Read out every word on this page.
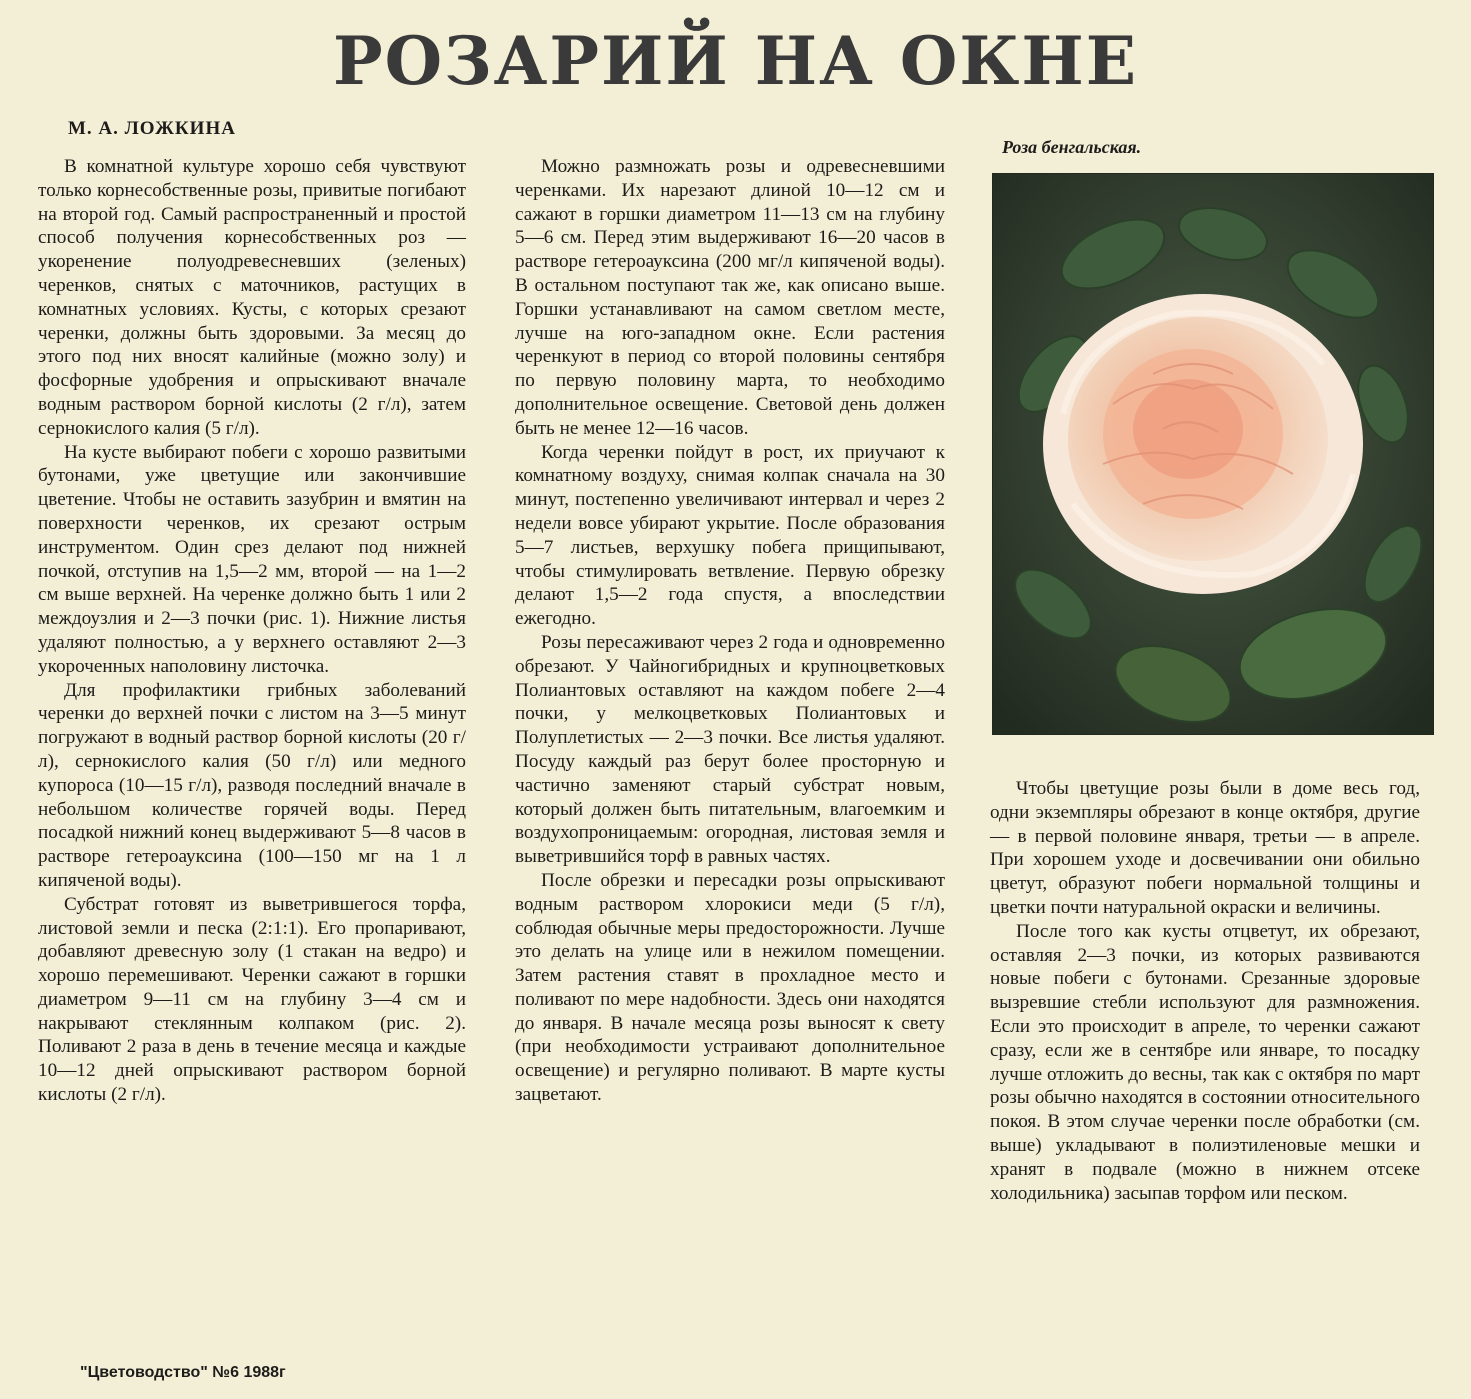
РОЗАРИЙ НА ОКНЕ
М. А. ЛОЖКИНА

В комнатной культуре хорошо себя чувствуют только корнесобственные розы, привитые погибают на второй год. Самый распространенный и простой способ получения корнесобственных роз — укоренение полуодревесневших (зеленых) черенков, снятых с маточников, растущих в комнатных условиях. Кусты, с которых срезают черенки, должны быть здоровыми. За месяц до этого под них вносят калийные (можно золу) и фосфорные удобрения и опрыскивают вначале водным раствором борной кислоты (2 г/л), затем сернокислого калия (5 г/л).

На кусте выбирают побеги с хорошо развитыми бутонами, уже цветущие или закончившие цветение. Чтобы не оставить зазубрин и вмятин на поверхности черенков, их срезают острым инструментом. Один срез делают под нижней почкой, отступив на 1,5—2 мм, второй — на 1—2 см выше верхней. На черенке должно быть 1 или 2 междоузлия и 2—3 почки (рис. 1). Нижние листья удаляют полностью, а у верхнего оставляют 2—3 укороченных наполовину листочка.

Для профилактики грибных заболеваний черенки до верхней почки с листом на 3—5 минут погружают в водный раствор борной кислоты (20 г/л), сернокислого калия (50 г/л) или медного купороса (10—15 г/л), разводя последний вначале в небольшом количестве горячей воды. Перед посадкой нижний конец выдерживают 5—8 часов в растворе гетероауксина (100—150 мг на 1 л кипяченой воды).

Субстрат готовят из выветрившегося торфа, листовой земли и песка (2:1:1). Его пропаривают, добавляют древесную золу (1 стакан на ведро) и хорошо перемешивают. Черенки сажают в горшки диаметром 9—11 см на глубину 3—4 см и накрывают стеклянным колпаком (рис. 2). Поливают 2 раза в день в течение месяца и каждые 10—12 дней опрыскивают раствором борной кислоты (2 г/л).

Можно размножать розы и одревесневшими черенками. Их нарезают длиной 10—12 см и сажают в горшки диаметром 11—13 см на глубину 5—6 см. Перед этим выдерживают 16—20 часов в растворе гетероауксина (200 мг/л кипяченой воды). В остальном поступают так же, как описано выше. Горшки устанавливают на самом светлом месте, лучше на юго-западном окне. Если растения черенкуют в период со второй половины сентября по первую половину марта, то необходимо дополнительное освещение. Световой день должен быть не менее 12—16 часов.

Когда черенки пойдут в рост, их приучают к комнатному воздуху, снимая колпак сначала на 30 минут, постепенно увеличивают интервал и через 2 недели вовсе убирают укрытие. После образования 5—7 листьев, верхушку побега прищипывают, чтобы стимулировать ветвление. Первую обрезку делают 1,5—2 года спустя, а впоследствии ежегодно.

Розы пересаживают через 2 года и одновременно обрезают. У Чайногибридных и крупноцветковых Полиантовых оставляют на каждом побеге 2—4 почки, у мелкоцветковых Полиантовых и Полуплетистых — 2—3 почки. Все листья удаляют. Посуду каждый раз берут более просторную и частично заменяют старый субстрат новым, который должен быть питательным, влагоемким и воздухопроницаемым: огородная, листовая земля и выветрившийся торф в равных частях.

После обрезки и пересадки розы опрыскивают водным раствором хлорокиси меди (5 г/л), соблюдая обычные меры предосторожности. Лучше это делать на улице или в нежилом помещении. Затем растения ставят в прохладное место и поливают по мере надобности. Здесь они находятся до января. В начале месяца розы выносят к свету (при необходимости устраивают дополнительное освещение) и регулярно поливают. В марте кусты зацветают.

Роза бенгальская.

Чтобы цветущие розы были в доме весь год, одни экземпляры обрезают в конце октября, другие — в первой половине января, третьи — в апреле. При хорошем уходе и досвечивании они обильно цветут, образуют побеги нормальной толщины и цветки почти натуральной окраски и величины.

После того как кусты отцветут, их обрезают, оставляя 2—3 почки, из которых развиваются новые побеги с бутонами. Срезанные здоровые вызревшие стебли используют для размножения. Если это происходит в апреле, то черенки сажают сразу, если же в сентябре или январе, то посадку лучше отложить до весны, так как с октября по март розы обычно находятся в состоянии относительного покоя. В этом случае черенки после обработки (см. выше) укладывают в полиэтиленовые мешки и хранят в подвале (можно в нижнем отсеке холодильника) засыпав торфом или песком.

"Цветоводство" №6 1988г
